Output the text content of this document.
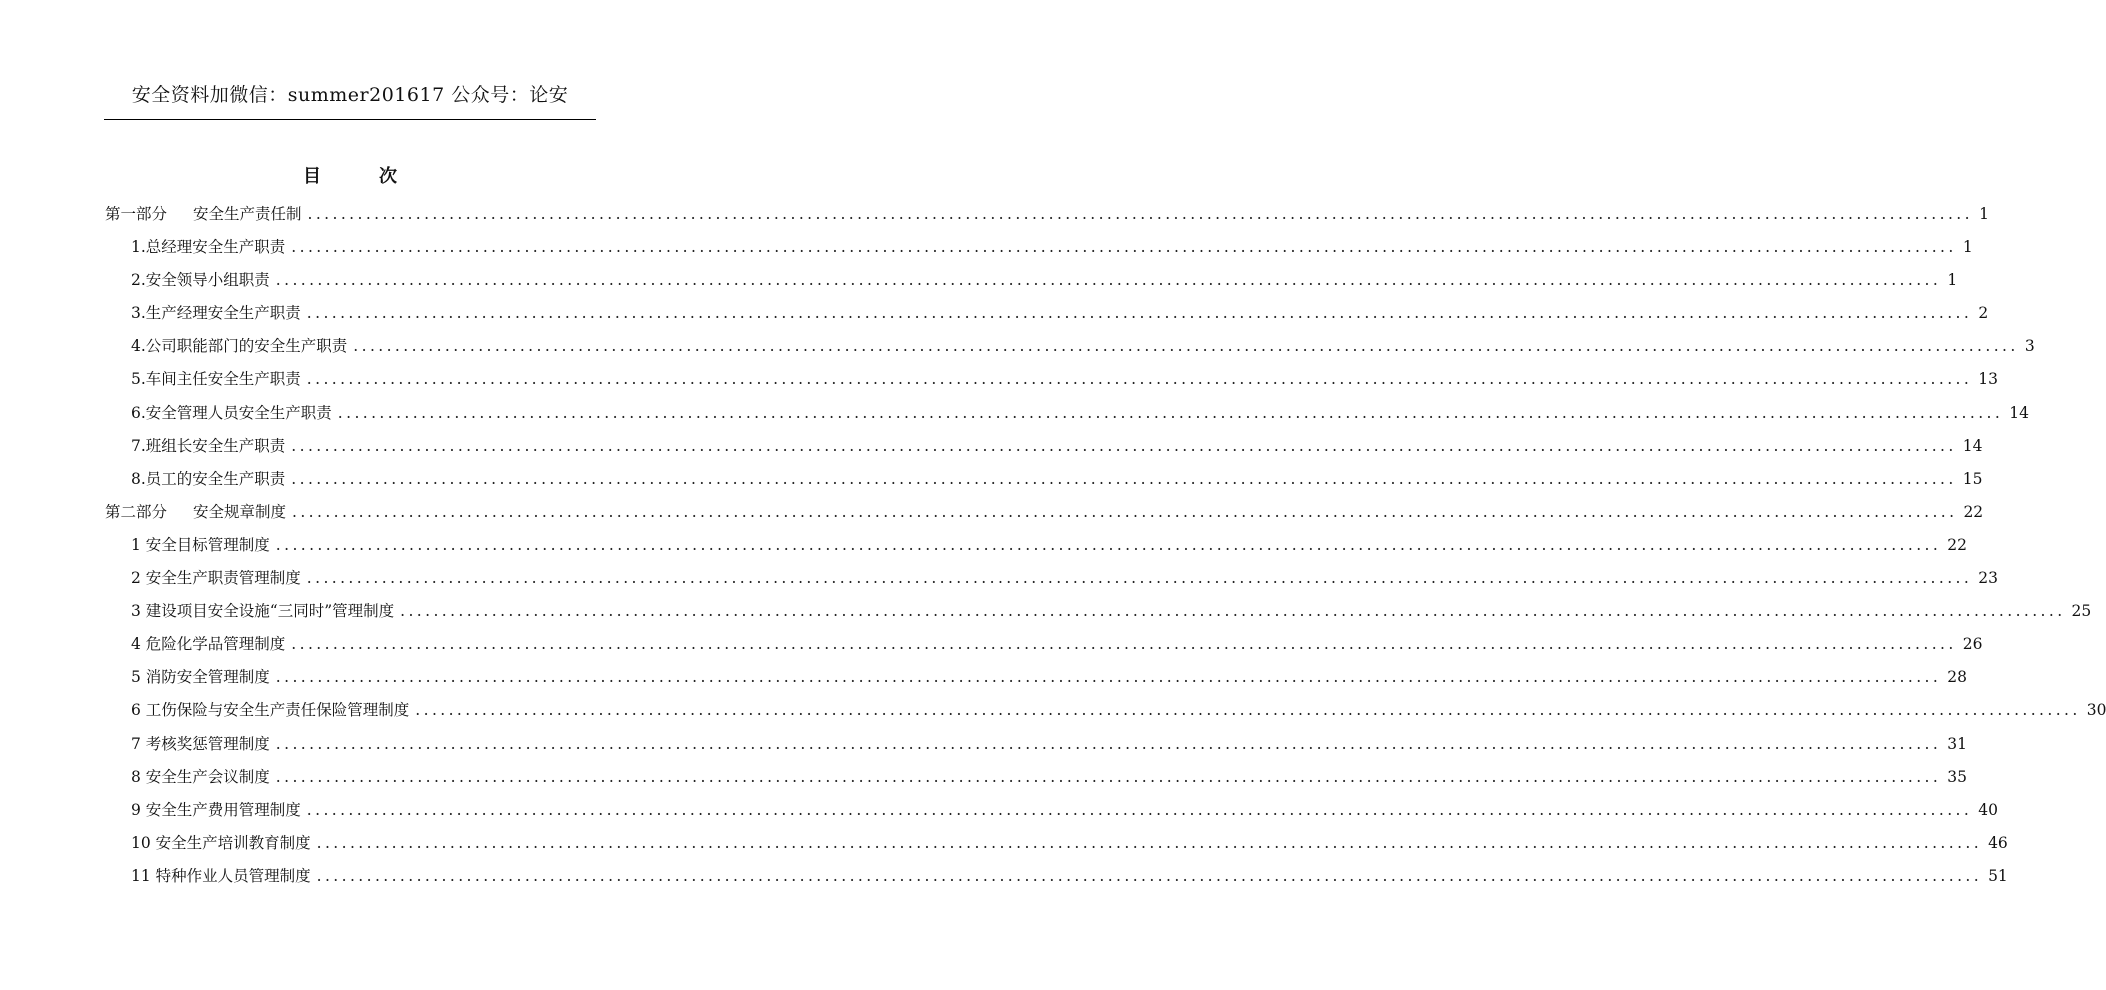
安全资料加微信：summer201617 公众号：论安
目　次
第一部分 安全生产责任制 ........................................................................................................................................................................................................ 1
1.总经理安全生产职责 ........................................................................................................................................................................................................ 1
2.安全领导小组职责 ........................................................................................................................................................................................................ 1
3.生产经理安全生产职责 ........................................................................................................................................................................................................ 2
4.公司职能部门的安全生产职责 ........................................................................................................................................................................................................ 3
5.车间主任安全生产职责 ........................................................................................................................................................................................................ 13
6.安全管理人员安全生产职责 ........................................................................................................................................................................................................ 14
7.班组长安全生产职责 ........................................................................................................................................................................................................ 14
8.员工的安全生产职责 ........................................................................................................................................................................................................ 15
第二部分 安全规章制度 ........................................................................................................................................................................................................ 22
1 安全目标管理制度 ........................................................................................................................................................................................................ 22
2 安全生产职责管理制度 ........................................................................................................................................................................................................ 23
3 建设项目安全设施“三同时”管理制度 ........................................................................................................................................................................................................ 25
4 危险化学品管理制度 ........................................................................................................................................................................................................ 26
5 消防安全管理制度 ........................................................................................................................................................................................................ 28
6 工伤保险与安全生产责任保险管理制度 ........................................................................................................................................................................................................ 30
7 考核奖惩管理制度 ........................................................................................................................................................................................................ 31
8 安全生产会议制度 ........................................................................................................................................................................................................ 35
9 安全生产费用管理制度 ........................................................................................................................................................................................................ 40
10 安全生产培训教育制度 ........................................................................................................................................................................................................ 46
11 特种作业人员管理制度 ........................................................................................................................................................................................................ 51
